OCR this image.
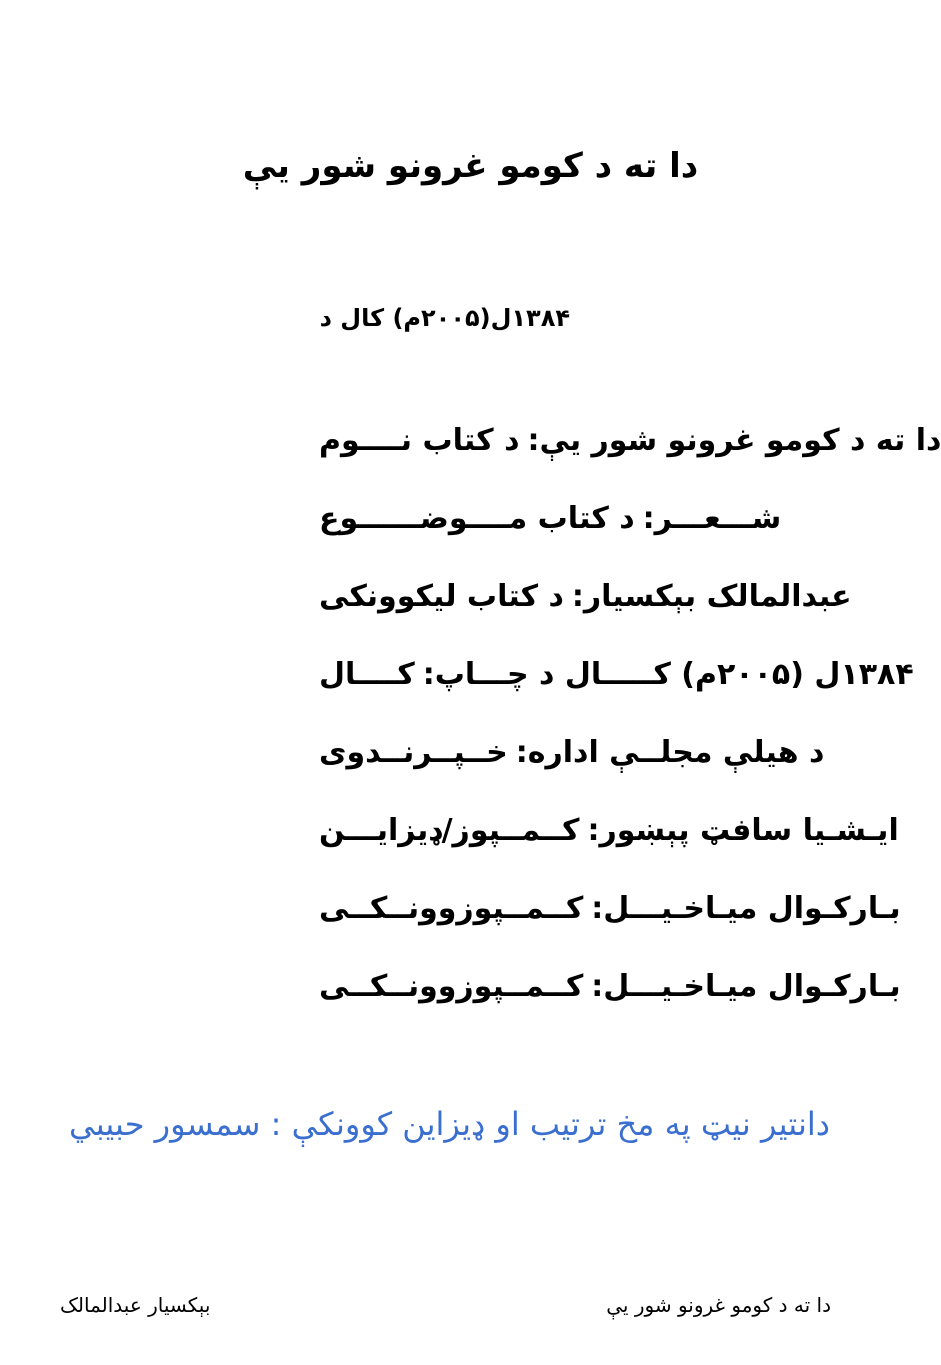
دا ته د کومو غرونو شور يې
۱۳۸۴ل(۲۰۰۵م) کال د
د کتاب نــــوم : دا ته د کومو غرونو شور يې
د کتاب مــــوضــــــوع : شـــعـــر
د کتاب لیکوونکی : عبدالمالک بېکسيار
کــــال : ۱۳۸۴ل (۲۰۰۵م) کـــــال د چـــاپ
خــپــرنــدوی : د هيلې مجلــې اداره
کــمــپوز/ډيزايـــن : ايـشـيا سافټ پېښور
کــمــپوزوونــکــی : بـارکـوال ميـاخـيـــل
کــمــپوزوونــکــی : بـارکـوال ميـاخـيـــل
دانتير نيټ په مخ ترتيب او ډيزاين کوونکې : سمسور حبيبي
بېکسيار عبدالمالک	دا ته د کومو غرونو شور يې
